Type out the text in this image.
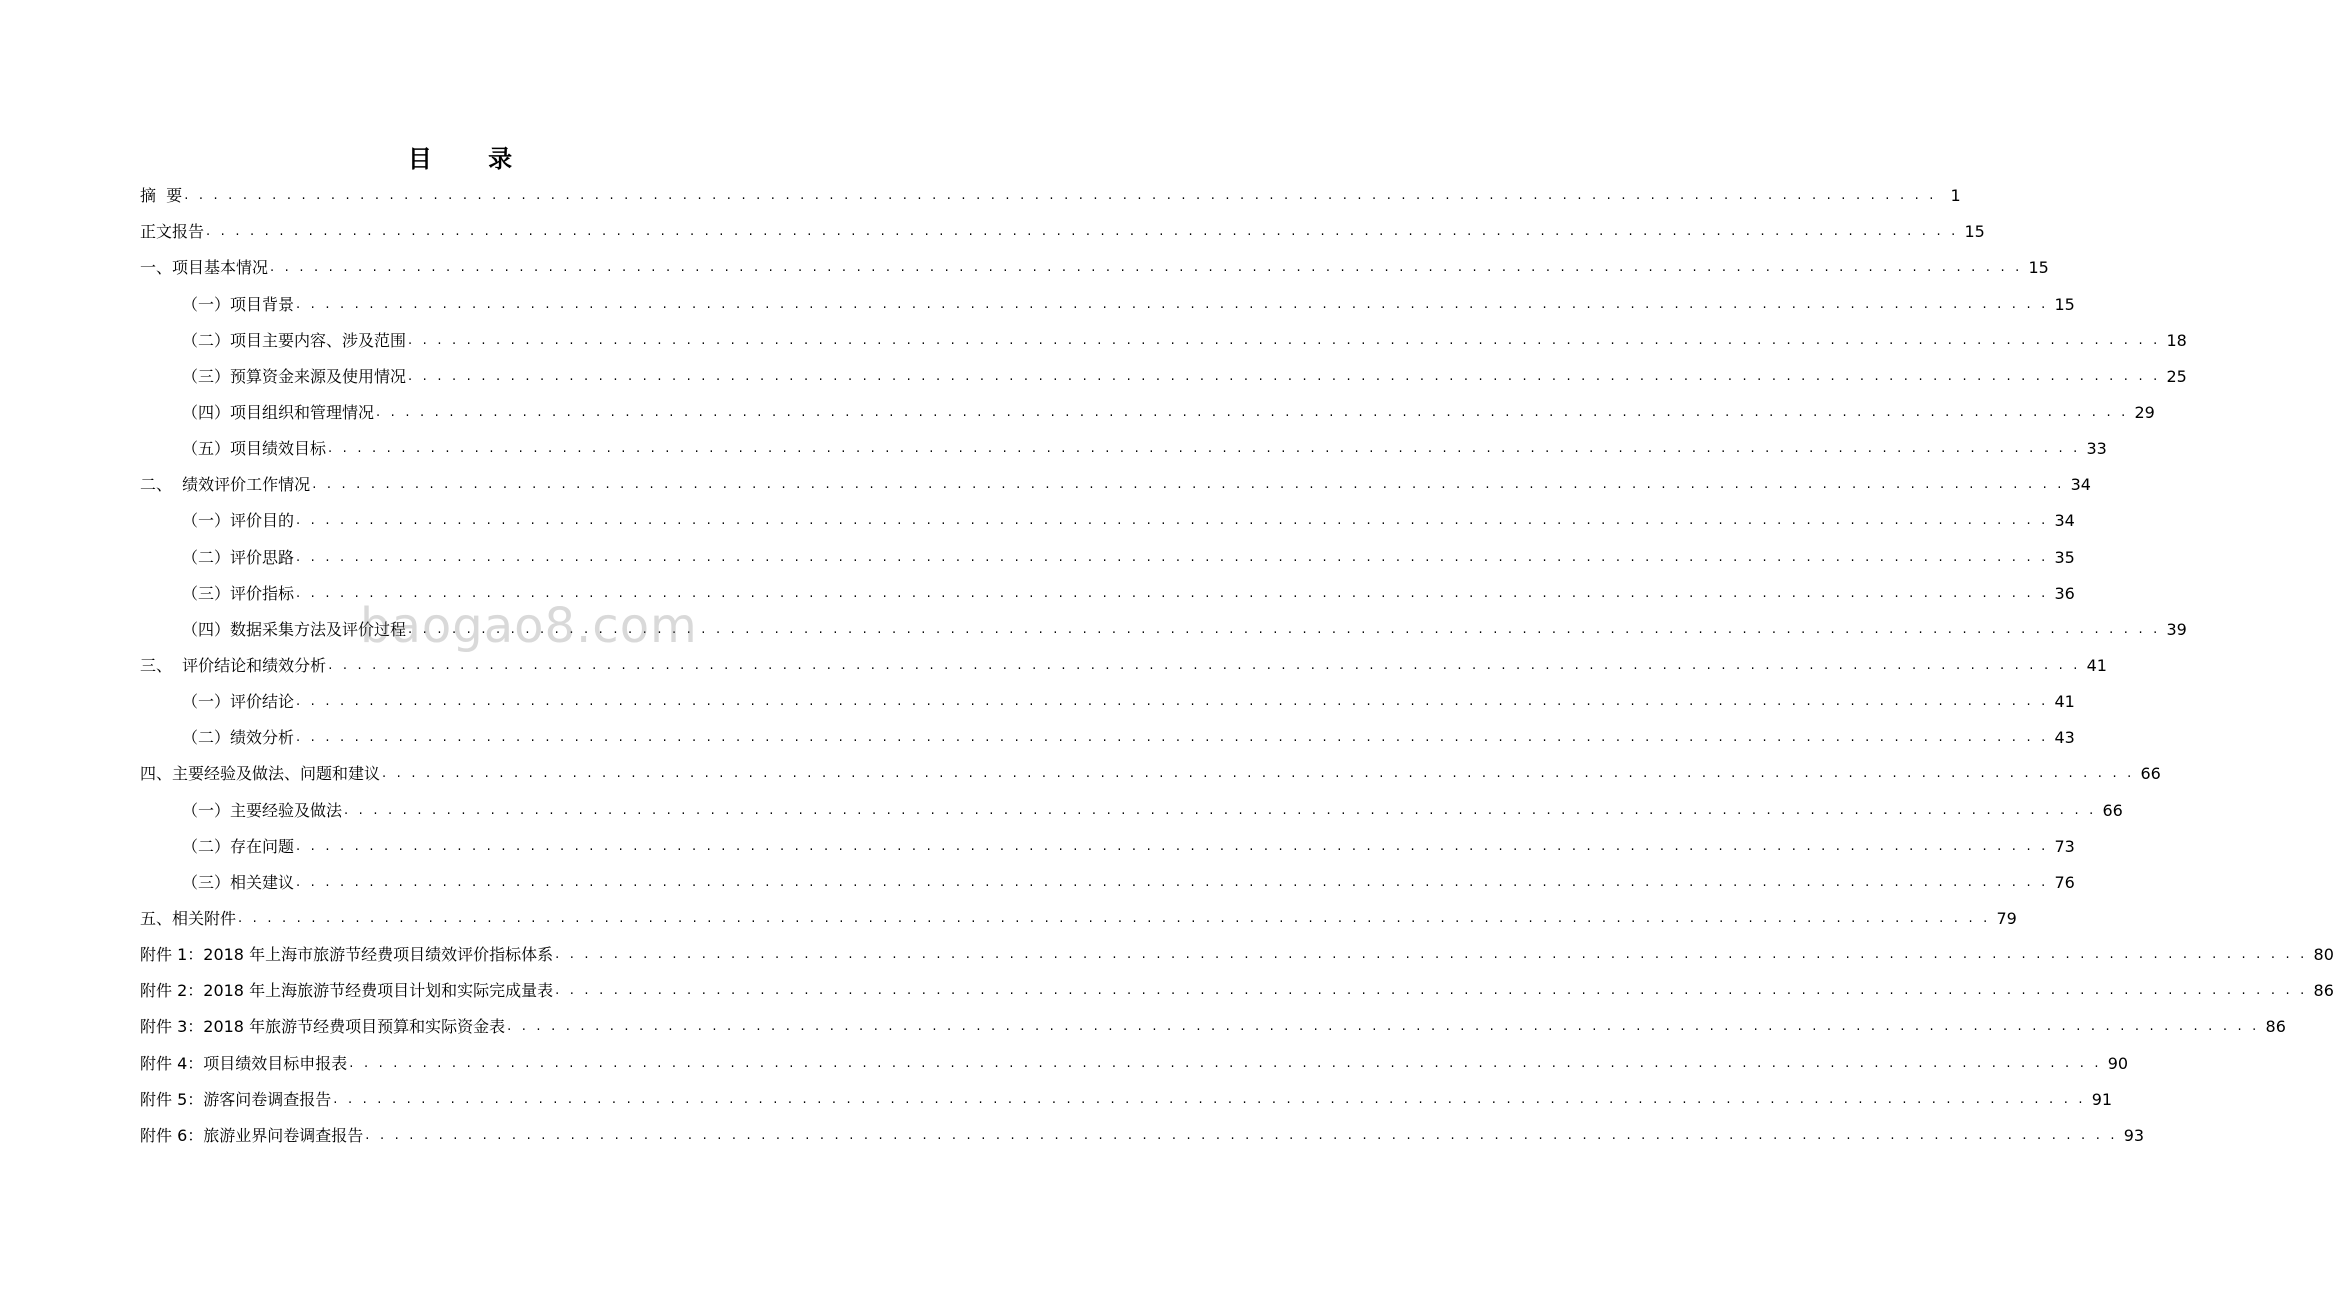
目 录
摘  要 . . . . . . . . . . . . . . . . . . . . . . . . . . . . . . . . . . . . . . . . . . . . . . . . . . . . . . . . . . . . . . . . . . . . . . . . . . . . . . . . . . . . . . . . . . . . . . . . . . . . . . . . . . . . . . . . . . . . . . . . 1
正文报告 . . . . . . . . . . . . . . . . . . . . . . . . . . . . . . . . . . . . . . . . . . . . . . . . . . . . . . . . . . . . . . . . . . . . . . . . . . . . . . . . . . . . . . . . . . . . . . . . . . . . . . . . . . . . . . . . . . . . . . . . 15
一、项目基本情况 . . . . . . . . . . . . . . . . . . . . . . . . . . . . . . . . . . . . . . . . . . . . . . . . . . . . . . . . . . . . . . . . . . . . . . . . . . . . . . . . . . . . . . . . . . . . . . . . . . . . . . . . . . . . . . . . . . . . . . . . 15
（一）项目背景 . . . . . . . . . . . . . . . . . . . . . . . . . . . . . . . . . . . . . . . . . . . . . . . . . . . . . . . . . . . . . . . . . . . . . . . . . . . . . . . . . . . . . . . . . . . . . . . . . . . . . . . . . . . . . . . . . . . . . . . . 15
（二）项目主要内容、涉及范围 . . . . . . . . . . . . . . . . . . . . . . . . . . . . . . . . . . . . . . . . . . . . . . . . . . . . . . . . . . . . . . . . . . . . . . . . . . . . . . . . . . . . . . . . . . . . . . . . . . . . . . . . . . . . . . . . . . . . . . . . 18
（三）预算资金来源及使用情况 . . . . . . . . . . . . . . . . . . . . . . . . . . . . . . . . . . . . . . . . . . . . . . . . . . . . . . . . . . . . . . . . . . . . . . . . . . . . . . . . . . . . . . . . . . . . . . . . . . . . . . . . . . . . . . . . . . . . . . . . 25
（四）项目组织和管理情况 . . . . . . . . . . . . . . . . . . . . . . . . . . . . . . . . . . . . . . . . . . . . . . . . . . . . . . . . . . . . . . . . . . . . . . . . . . . . . . . . . . . . . . . . . . . . . . . . . . . . . . . . . . . . . . . . . . . . . . . . 29
（五）项目绩效目标 . . . . . . . . . . . . . . . . . . . . . . . . . . . . . . . . . . . . . . . . . . . . . . . . . . . . . . . . . . . . . . . . . . . . . . . . . . . . . . . . . . . . . . . . . . . . . . . . . . . . . . . . . . . . . . . . . . . . . . . . 33
二、  绩效评价工作情况 . . . . . . . . . . . . . . . . . . . . . . . . . . . . . . . . . . . . . . . . . . . . . . . . . . . . . . . . . . . . . . . . . . . . . . . . . . . . . . . . . . . . . . . . . . . . . . . . . . . . . . . . . . . . . . . . . . . . . . . . 34
（一）评价目的 . . . . . . . . . . . . . . . . . . . . . . . . . . . . . . . . . . . . . . . . . . . . . . . . . . . . . . . . . . . . . . . . . . . . . . . . . . . . . . . . . . . . . . . . . . . . . . . . . . . . . . . . . . . . . . . . . . . . . . . . 34
（二）评价思路 . . . . . . . . . . . . . . . . . . . . . . . . . . . . . . . . . . . . . . . . . . . . . . . . . . . . . . . . . . . . . . . . . . . . . . . . . . . . . . . . . . . . . . . . . . . . . . . . . . . . . . . . . . . . . . . . . . . . . . . . 35
（三）评价指标 . . . . . . . . . . . . . . . . . . . . . . . . . . . . . . . . . . . . . . . . . . . . . . . . . . . . . . . . . . . . . . . . . . . . . . . . . . . . . . . . . . . . . . . . . . . . . . . . . . . . . . . . . . . . . . . . . . . . . . . . 36
（四）数据采集方法及评价过程 . . . . . . . . . . . . . . . . . . . . . . . . . . . . . . . . . . . . . . . . . . . . . . . . . . . . . . . . . . . . . . . . . . . . . . . . . . . . . . . . . . . . . . . . . . . . . . . . . . . . . . . . . . . . . . . . . . . . . . . . 39
三、  评价结论和绩效分析 . . . . . . . . . . . . . . . . . . . . . . . . . . . . . . . . . . . . . . . . . . . . . . . . . . . . . . . . . . . . . . . . . . . . . . . . . . . . . . . . . . . . . . . . . . . . . . . . . . . . . . . . . . . . . . . . . . . . . . . . 41
（一）评价结论 . . . . . . . . . . . . . . . . . . . . . . . . . . . . . . . . . . . . . . . . . . . . . . . . . . . . . . . . . . . . . . . . . . . . . . . . . . . . . . . . . . . . . . . . . . . . . . . . . . . . . . . . . . . . . . . . . . . . . . . . 41
（二）绩效分析 . . . . . . . . . . . . . . . . . . . . . . . . . . . . . . . . . . . . . . . . . . . . . . . . . . . . . . . . . . . . . . . . . . . . . . . . . . . . . . . . . . . . . . . . . . . . . . . . . . . . . . . . . . . . . . . . . . . . . . . . 43
四、主要经验及做法、问题和建议 . . . . . . . . . . . . . . . . . . . . . . . . . . . . . . . . . . . . . . . . . . . . . . . . . . . . . . . . . . . . . . . . . . . . . . . . . . . . . . . . . . . . . . . . . . . . . . . . . . . . . . . . . . . . . . . . . . . . . . . . 66
（一）主要经验及做法 . . . . . . . . . . . . . . . . . . . . . . . . . . . . . . . . . . . . . . . . . . . . . . . . . . . . . . . . . . . . . . . . . . . . . . . . . . . . . . . . . . . . . . . . . . . . . . . . . . . . . . . . . . . . . . . . . . . . . . . . 66
（二）存在问题 . . . . . . . . . . . . . . . . . . . . . . . . . . . . . . . . . . . . . . . . . . . . . . . . . . . . . . . . . . . . . . . . . . . . . . . . . . . . . . . . . . . . . . . . . . . . . . . . . . . . . . . . . . . . . . . . . . . . . . . . 73
（三）相关建议 . . . . . . . . . . . . . . . . . . . . . . . . . . . . . . . . . . . . . . . . . . . . . . . . . . . . . . . . . . . . . . . . . . . . . . . . . . . . . . . . . . . . . . . . . . . . . . . . . . . . . . . . . . . . . . . . . . . . . . . . 76
五、相关附件 . . . . . . . . . . . . . . . . . . . . . . . . . . . . . . . . . . . . . . . . . . . . . . . . . . . . . . . . . . . . . . . . . . . . . . . . . . . . . . . . . . . . . . . . . . . . . . . . . . . . . . . . . . . . . . . . . . . . . . . . 79
附件 1：2018 年上海市旅游节经费项目绩效评价指标体系 . . . . . . . . . . . . . . . . . . . . . . . . . . . . . . . . . . . . . . . . . . . . . . . . . . . . . . . . . . . . . . . . . . . . . . . . . . . . . . . . . . . . . . . . . . . . . . . . . . . . . . . . . . . . . . . . . . . . . . . . 80
附件 2：2018 年上海旅游节经费项目计划和实际完成量表 . . . . . . . . . . . . . . . . . . . . . . . . . . . . . . . . . . . . . . . . . . . . . . . . . . . . . . . . . . . . . . . . . . . . . . . . . . . . . . . . . . . . . . . . . . . . . . . . . . . . . . . . . . . . . . . . . . . . . . . . 86
附件 3：2018 年旅游节经费项目预算和实际资金表 . . . . . . . . . . . . . . . . . . . . . . . . . . . . . . . . . . . . . . . . . . . . . . . . . . . . . . . . . . . . . . . . . . . . . . . . . . . . . . . . . . . . . . . . . . . . . . . . . . . . . . . . . . . . . . . . . . . . . . . . 86
附件 4：项目绩效目标申报表 . . . . . . . . . . . . . . . . . . . . . . . . . . . . . . . . . . . . . . . . . . . . . . . . . . . . . . . . . . . . . . . . . . . . . . . . . . . . . . . . . . . . . . . . . . . . . . . . . . . . . . . . . . . . . . . . . . . . . . . . 90
附件 5：游客问卷调查报告 . . . . . . . . . . . . . . . . . . . . . . . . . . . . . . . . . . . . . . . . . . . . . . . . . . . . . . . . . . . . . . . . . . . . . . . . . . . . . . . . . . . . . . . . . . . . . . . . . . . . . . . . . . . . . . . . . . . . . . . . 91
附件 6：旅游业界问卷调查报告 . . . . . . . . . . . . . . . . . . . . . . . . . . . . . . . . . . . . . . . . . . . . . . . . . . . . . . . . . . . . . . . . . . . . . . . . . . . . . . . . . . . . . . . . . . . . . . . . . . . . . . . . . . . . . . . . . . . . . . . . 93
baogao8.com
